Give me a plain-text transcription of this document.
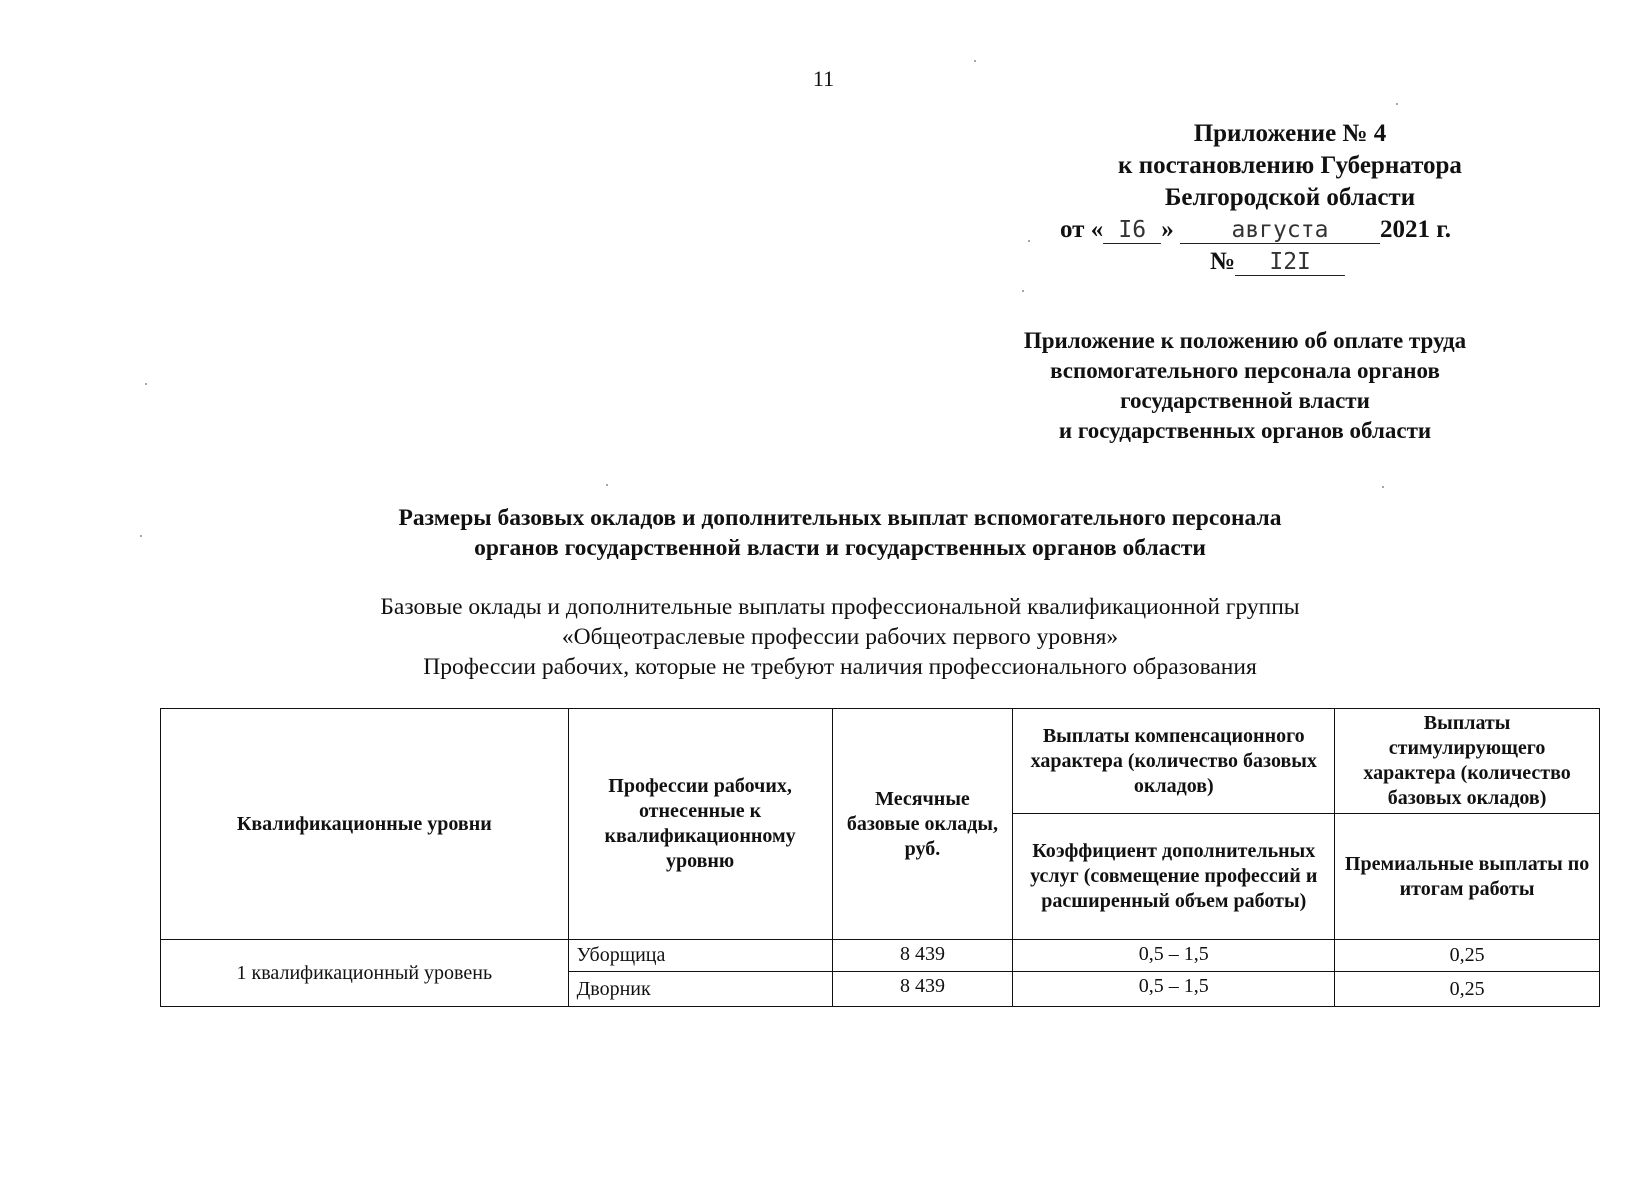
11
Приложение № 4
к постановлению Губернатора
Белгородской области
от « I6 »	августа 2021 г.
№ I2I
Приложение к положению об оплате труда
вспомогательного персонала органов
государственной власти
и государственных органов области
Размеры базовых окладов и дополнительных выплат вспомогательного персонала
органов государственной власти и государственных органов области
Базовые оклады и дополнительные выплаты профессиональной квалификационной группы
«Общеотраслевые профессии рабочих первого уровня»
Профессии рабочих, которые не требуют наличия профессионального образования
Квалификационные уровни	Профессии рабочих, отнесенные к квалификационному уровню	Месячные базовые оклады, руб.	Выплаты компенсационного характера (количество базовых окладов)	Выплаты стимулирующего характера (количество базовых окладов)
			Коэффициент дополнительных услуг (совмещение профессий и расширенный объем работы)	Премиальные выплаты по итогам работы
1 квалификационный уровень	Уборщица	8 439	0,5 – 1,5	0,25
	Дворник	8 439	0,5 – 1,5	0,25
